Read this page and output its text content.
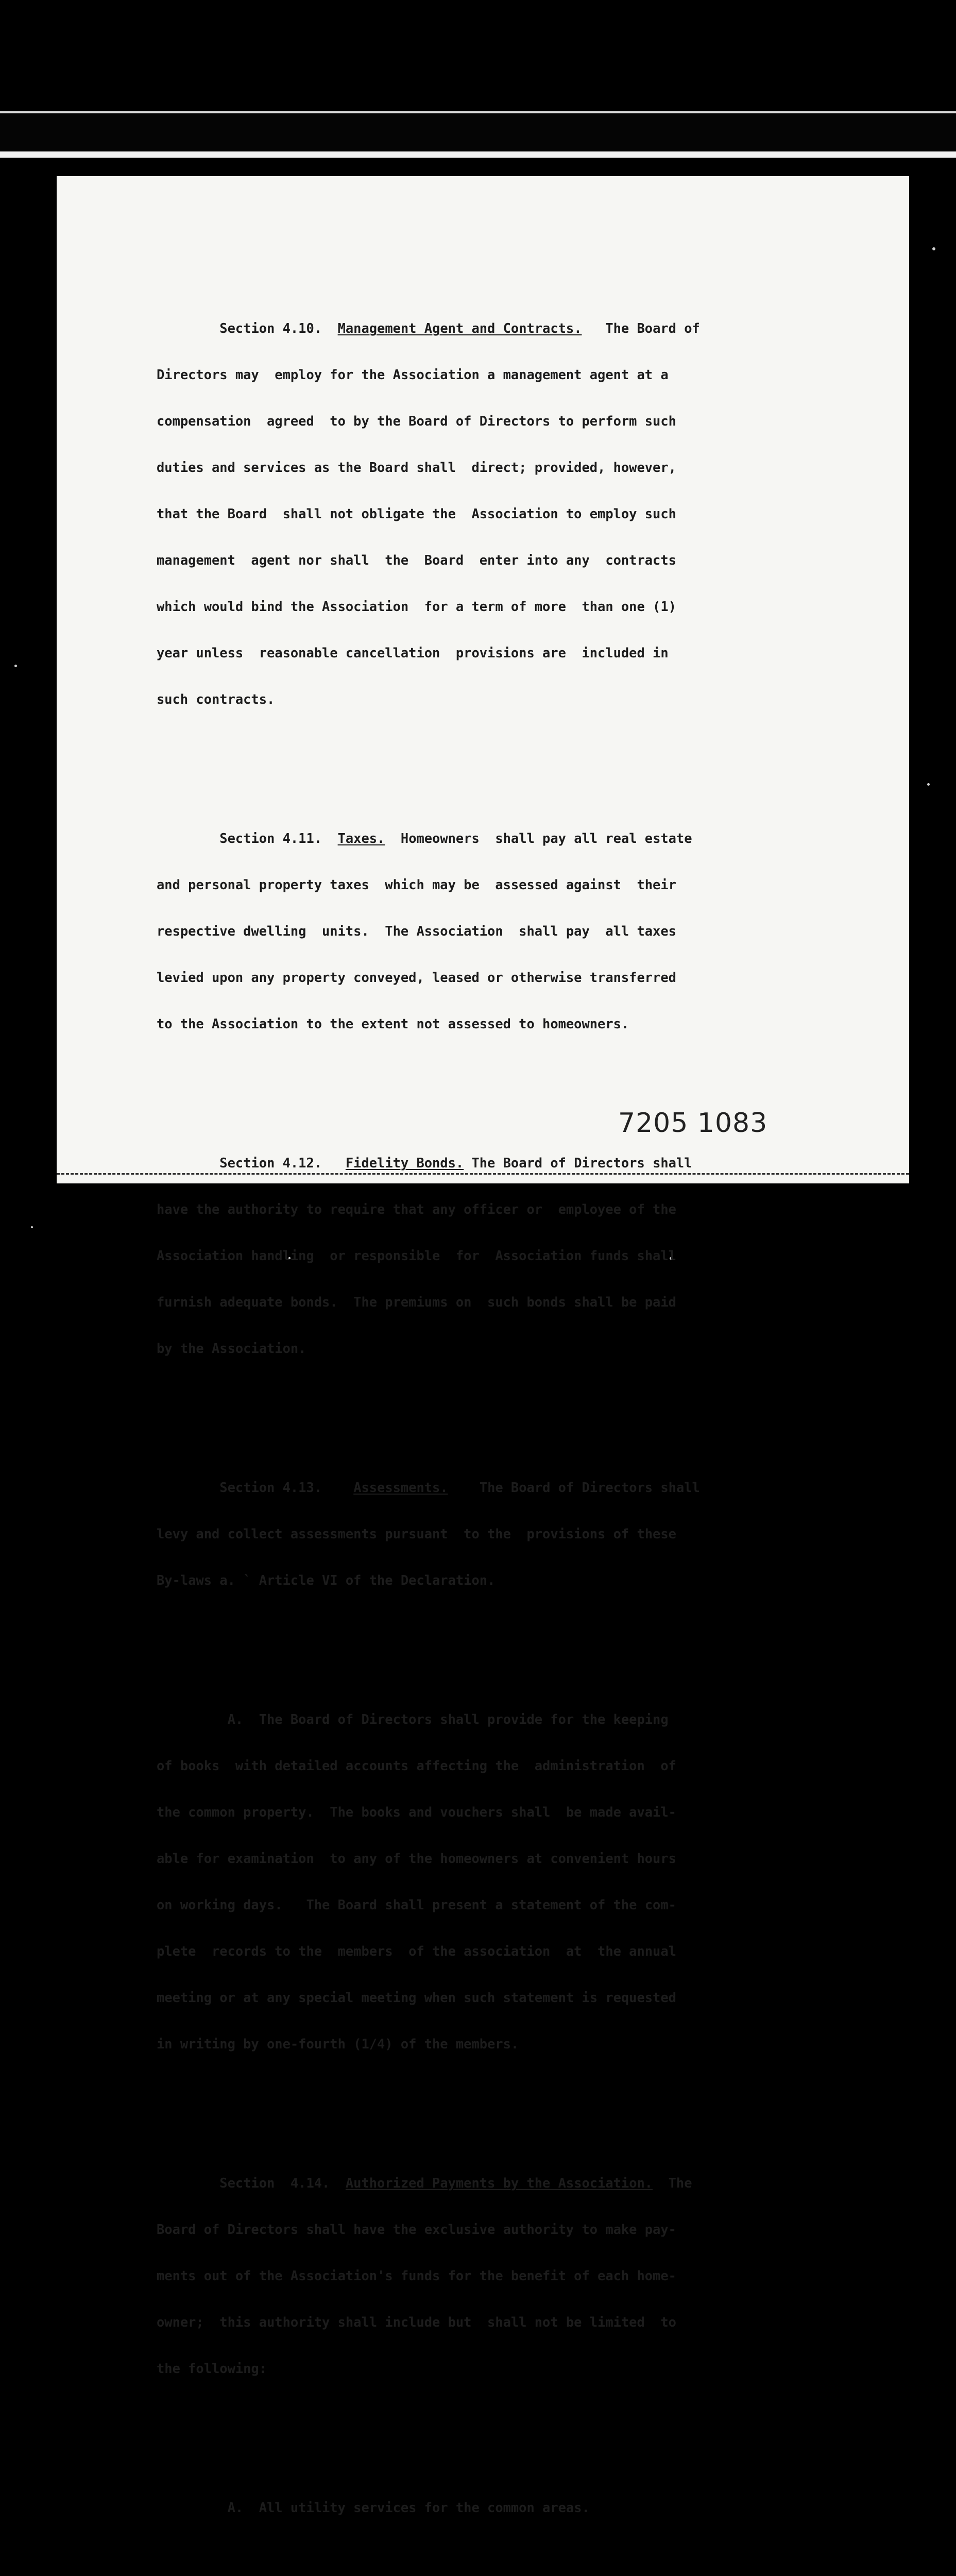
Section 4.10. Management Agent and Contracts. The Board of

Directors may  employ for the Association a management agent at a

compensation  agreed  to by the Board of Directors to perform such

duties and services as the Board shall  direct; provided, however,

that the Board  shall not obligate the  Association to employ such

management  agent nor shall  the  Board  enter into any  contracts

which would bind the Association  for a term of more  than one (1)

year unless  reasonable cancellation  provisions are  included in

such contracts.

Section 4.11. Taxes. Homeowners  shall pay all real estate

and personal property taxes  which may be  assessed against  their

respective dwelling  units.  The Association  shall pay  all taxes

levied upon any property conveyed, leased or otherwise transferred

to the Association to the extent not assessed to homeowners.

Section 4.12. Fidelity Bonds. The Board of Directors shall

have the authority to require that any officer or  employee of the

Association handling  or responsible  for  Association funds shall

furnish adequate bonds.  The premiums on  such bonds shall be paid

by the Association.

Section 4.13. Assessments. The Board of Directors shall

levy and collect assessments pursuant  to the  provisions of these

By-laws a. ` Article VI of the Declaration.

A.  The Board of Directors shall provide for the keeping

of books  with detailed accounts affecting the  administration  of

the common property.  The books and vouchers shall  be made avail-

able for examination  to any of the homeowners at convenient hours

on working days.   The Board shall present a statement of the com-

plete  records to the  members  of the association  at  the annual

meeting or at any special meeting when such statement is requested

in writing by one-fourth (1/4) of the members.

Section  4.14. Authorized Payments by the Association. The

Board of Directors shall have the exclusive authority to make pay-

ments out of the Association's funds for the benefit of each home-

owner;  this authority shall include but  shall not be limited  to

the following:

A.  All utility services for the common areas.

7205 1083
